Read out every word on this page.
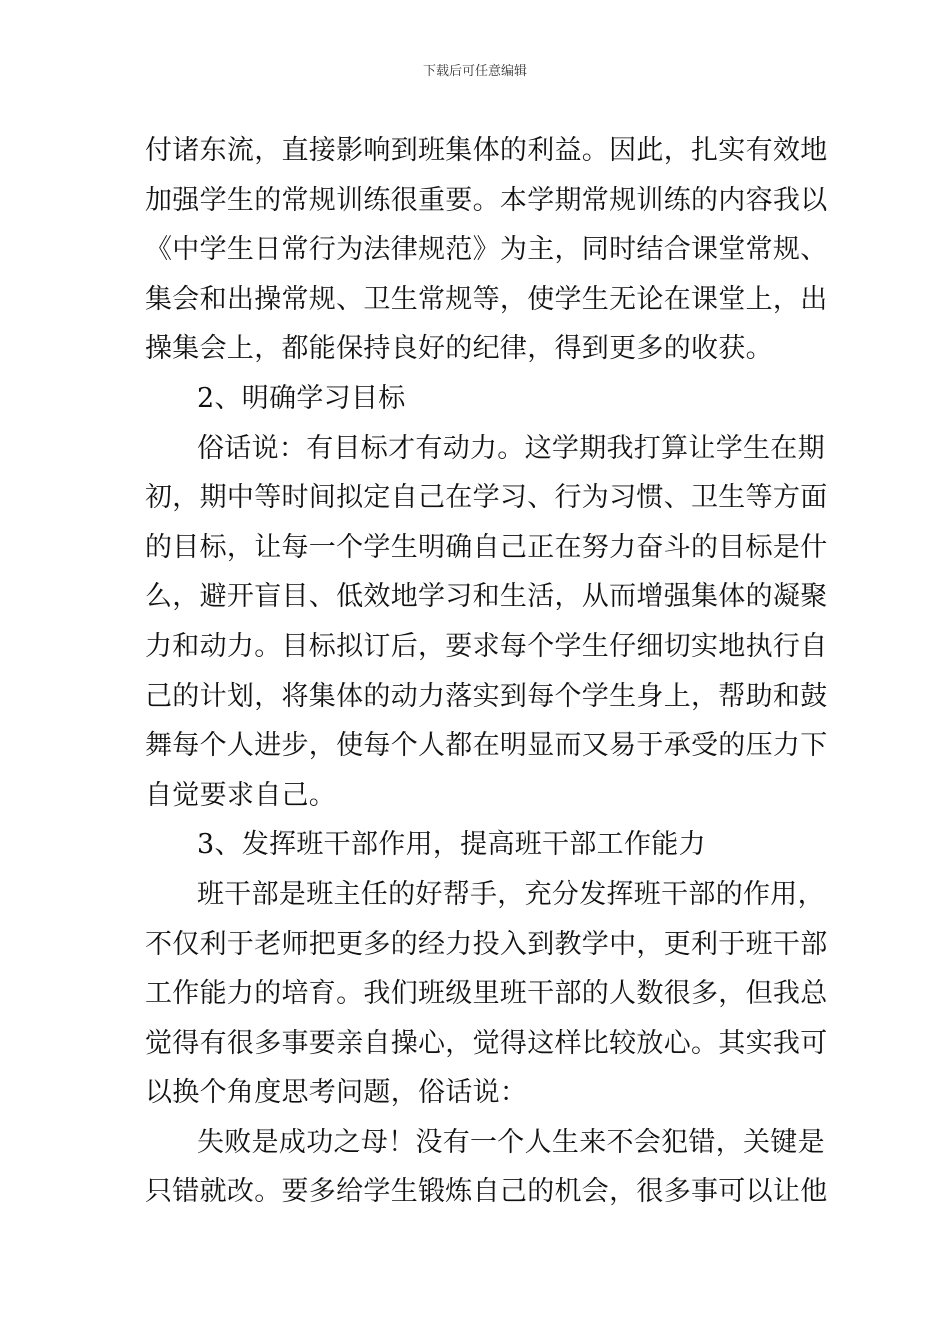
下载后可任意编辑
付诸东流，直接影响到班集体的利益。因此，扎实有效地
加强学生的常规训练很重要。本学期常规训练的内容我以
《中学生日常行为法律规范》为主，同时结合课堂常规、
集会和出操常规、卫生常规等，使学生无论在课堂上，出
操集会上，都能保持良好的纪律，得到更多的收获。
2、明确学习目标
俗话说：有目标才有动力。这学期我打算让学生在期
初，期中等时间拟定自己在学习、行为习惯、卫生等方面
的目标，让每一个学生明确自己正在努力奋斗的目标是什
么，避开盲目、低效地学习和生活，从而增强集体的凝聚
力和动力。目标拟订后，要求每个学生仔细切实地执行自
己的计划，将集体的动力落实到每个学生身上，帮助和鼓
舞每个人进步，使每个人都在明显而又易于承受的压力下
自觉要求自己。
3、发挥班干部作用，提高班干部工作能力
班干部是班主任的好帮手，充分发挥班干部的作用，
不仅利于老师把更多的经力投入到教学中，更利于班干部
工作能力的培育。我们班级里班干部的人数很多，但我总
觉得有很多事要亲自操心，觉得这样比较放心。其实我可
以换个角度思考问题，俗话说：
失败是成功之母！没有一个人生来不会犯错，关键是
只错就改。要多给学生锻炼自己的机会，很多事可以让他
